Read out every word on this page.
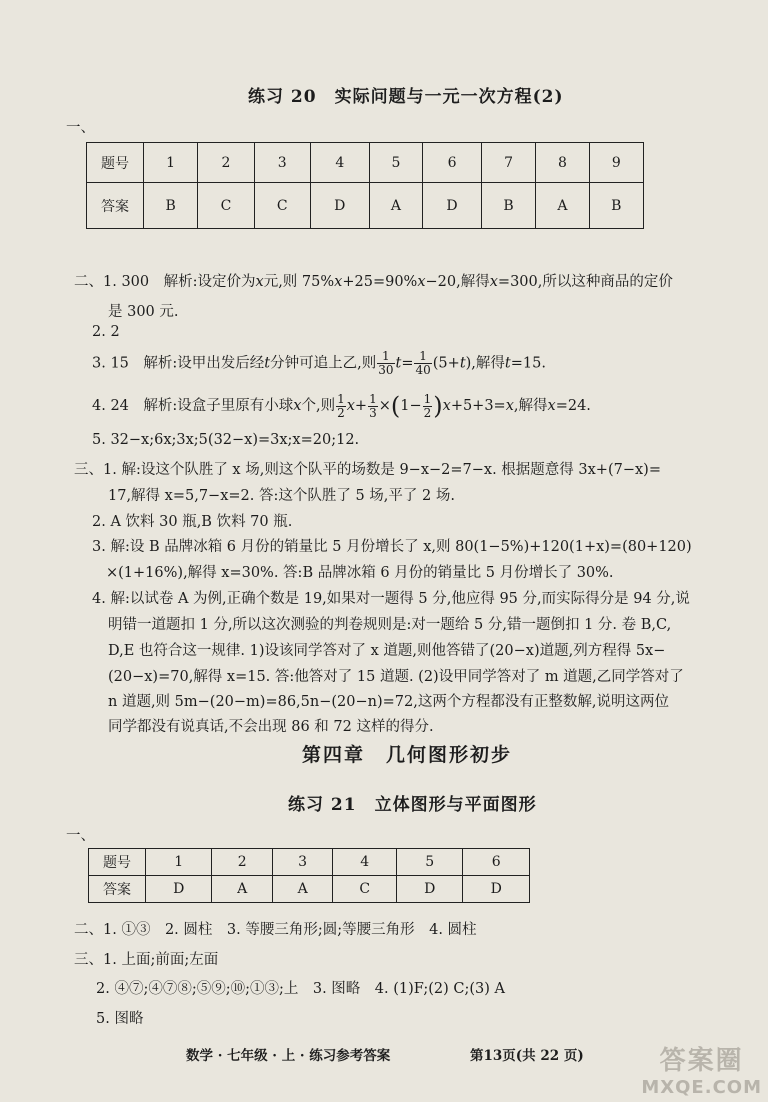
练习 20　实际问题与一元一次方程(2)
一、
题号	1	2	3	4	5	6	7	8	9
答案	B	C	C	D	A	D	B	A	B
二、1. 300　解析:设定价为x元,则 75%x+25=90%x−20,解得x=300,所以这种商品的定价
是 300 元.
2. 2
3. 15　解析:设甲出发后经t分钟可追上乙,则 $\frac{1}{30} t= \frac{1}{40} (5+t)$,解得t=15.
4. 24　解析:设盒子里原有小球x个,则 $\frac{1}{2} x+ \frac{1}{3} \times(1- \frac{1}{2} )x+5+3=x$,解得x=24.
5. 32−x;6x;3x;5(32−x)=3x;x=20;12.
三、1. 解:设这个队胜了 x 场,则这个队平的场数是 9−x−2=7−x. 根据题意得 3x+(7−x)=
17,解得 x=5,7−x=2. 答:这个队胜了 5 场,平了 2 场.
2. A 饮料 30 瓶,B 饮料 70 瓶.
3. 解:设 B 品牌冰箱 6 月份的销量比 5 月份增长了 x,则 80(1−5%)+120(1+x)=(80+120)
×(1+16%),解得 x=30%. 答:B 品牌冰箱 6 月份的销量比 5 月份增长了 30%.
4. 解:以试卷 A 为例,正确个数是 19,如果对一题得 5 分,他应得 95 分,而实际得分是 94 分,说
明错一道题扣 1 分,所以这次测验的判卷规则是:对一题给 5 分,错一题倒扣 1 分. 卷 B,C,
D,E 也符合这一规律. 1)设该同学答对了 x 道题,则他答错了(20−x)道题,列方程得 5x−
(20−x)=70,解得 x=15. 答:他答对了 15 道题. (2)设甲同学答对了 m 道题,乙同学答对了
n 道题,则 5m−(20−m)=86,5n−(20−n)=72,这两个方程都没有正整数解,说明这两位
同学都没有说真话,不会出现 86 和 72 这样的得分.
第四章　几何图形初步
练习 21　立体图形与平面图形
一、
题号	1	2	3	4	5	6
答案	D	A	A	C	D	D
二、1. ①③　2. 圆柱　3. 等腰三角形;圆;等腰三角形　4. 圆柱
三、1. 上面;前面;左面
2. ④⑦;④⑦⑧;⑤⑨;⑩;①③;上　3. 图略　4. (1)F;(2) C;(3) A
5. 图略
数学 · 七年级 · 上 · 练习参考答案	第13页(共 22 页)	答案圈
MXQE.COM
